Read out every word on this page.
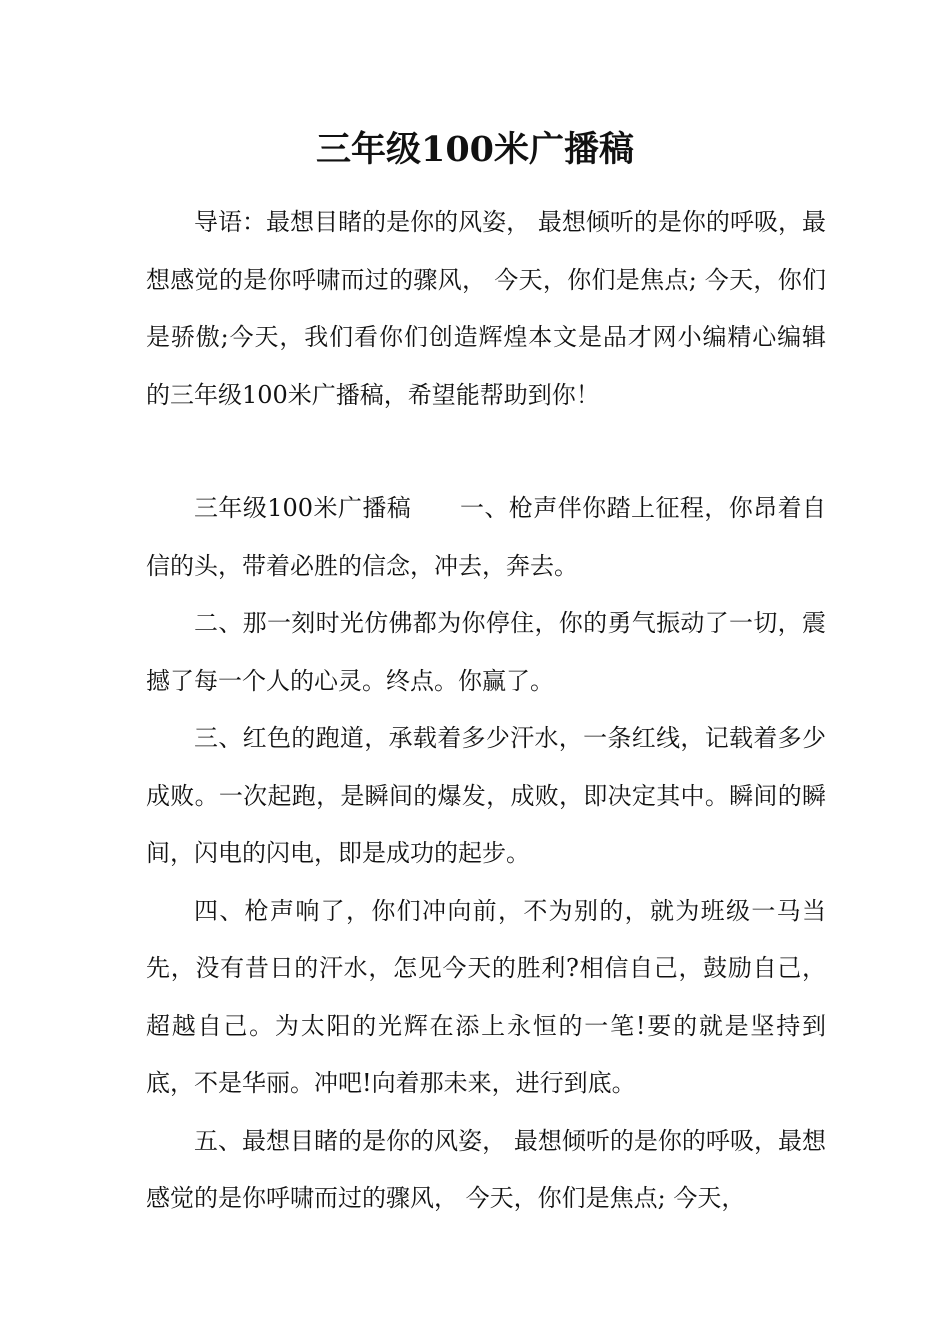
三年级100米广播稿

导语：最想目睹的是你的风姿， 最想倾听的是你的呼吸，最想感觉的是你呼啸而过的骤风， 今天，你们是焦点; 今天，你们是骄傲;今天，我们看你们创造辉煌本文是品才网小编精心编辑的三年级100米广播稿，希望能帮助到你！

三年级100米广播稿　　一、枪声伴你踏上征程，你昂着自信的头，带着必胜的信念，冲去，奔去。

二、那一刻时光仿佛都为你停住，你的勇气振动了一切，震撼了每一个人的心灵。终点。你赢了。

三、红色的跑道，承载着多少汗水，一条红线，记载着多少成败。一次起跑，是瞬间的爆发，成败，即决定其中。瞬间的瞬间，闪电的闪电，即是成功的起步。

四、枪声响了，你们冲向前，不为别的，就为班级一马当先，没有昔日的汗水，怎见今天的胜利?相信自己，鼓励自己，超越自己。为太阳的光辉在添上永恒的一笔!要的就是坚持到底，不是华丽。冲吧!向着那未来，进行到底。

五、最想目睹的是你的风姿， 最想倾听的是你的呼吸，最想感觉的是你呼啸而过的骤风， 今天，你们是焦点; 今天，
